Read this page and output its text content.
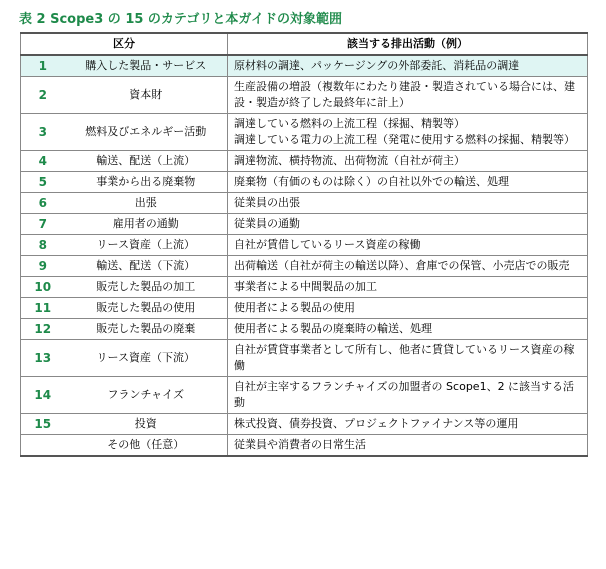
表 2 Scope3 の 15 のカテゴリと本ガイドの対象範囲
区分		該当する排出活動（例）
1	購入した製品・サービス	原材料の調達、パッケージングの外部委託、消耗品の調達

2	資本財	生産設備の増設（複数年にわたり建設・製造されている場合には、建設・製造が終了した最終年に計上）

3	燃料及びエネルギー活動	調達している燃料の上流工程（採掘、精製等）
調達している電力の上流工程（発電に使用する燃料の採掘、精製等）

4	輸送、配送（上流）	調達物流、横持物流、出荷物流（自社が荷主）

5	事業から出る廃棄物	廃棄物（有価のものは除く）の自社以外での輸送、処理

6	出張	従業員の出張

7	雇用者の通勤	従業員の通勤

8	リース資産（上流）	自社が賃借しているリース資産の稼働

9	輸送、配送（下流）	出荷輸送（自社が荷主の輸送以降）、倉庫での保管、小売店での販売

10	販売した製品の加工	事業者による中間製品の加工

11	販売した製品の使用	使用者による製品の使用

12	販売した製品の廃棄	使用者による製品の廃棄時の輸送、処理

13	リース資産（下流）	自社が賃貸事業者として所有し、他者に賃貸しているリース資産の稼働

14	フランチャイズ	自社が主宰するフランチャイズの加盟者の Scope1、2 に該当する活動

15	投資	株式投資、債券投資、プロジェクトファイナンス等の運用

	その他（任意）	従業員や消費者の日常生活
